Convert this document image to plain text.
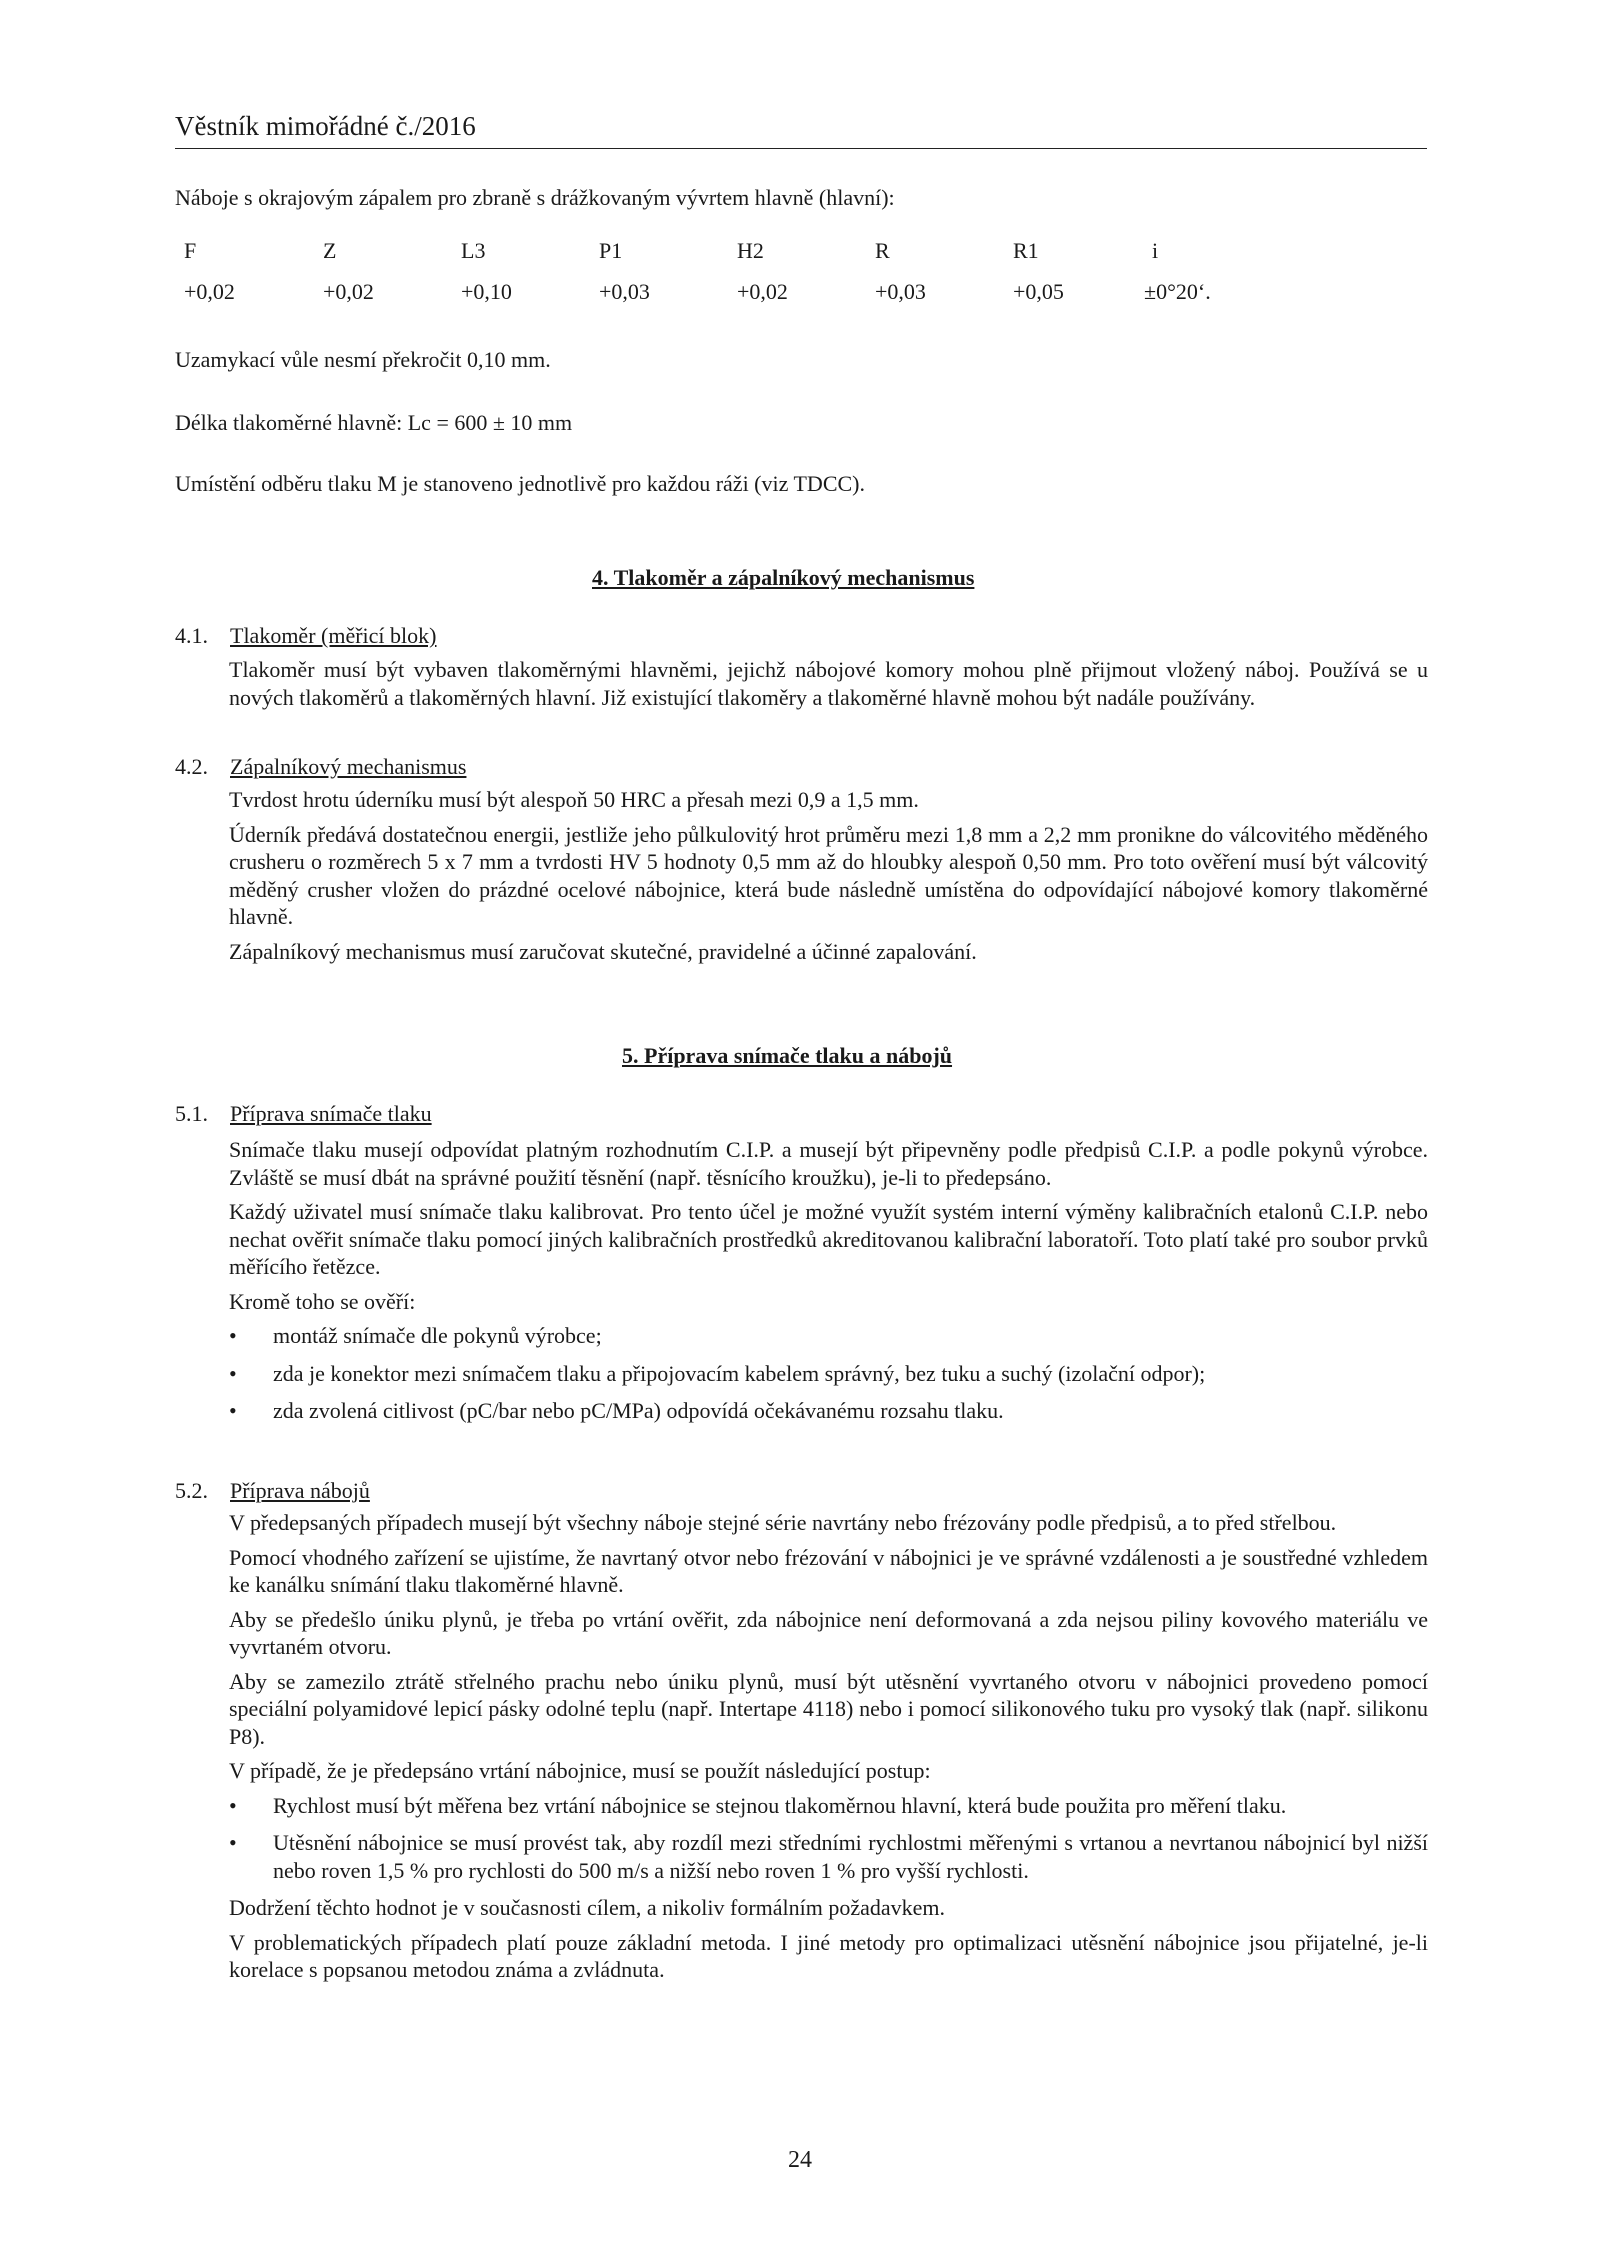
Věstník mimořádné č./2016
Náboje s okrajovým zápalem pro zbraně s drážkovaným vývrtem hlavně (hlavní):
F	Z	L3	P1	H2	R	R1	i
+0,02	+0,02	+0,10	+0,03	+0,02	+0,03	+0,05	±0°20‘.
Uzamykací vůle nesmí překročit 0,10 mm.
Délka tlakoměrné hlavně: Lc = 600 ± 10 mm
Umístění odběru tlaku M je stanoveno jednotlivě pro každou ráži (viz TDCC).
4. Tlakoměr a zápalníkový mechanismus
4.1. Tlakoměr (měřicí blok)

Tlakoměr musí být vybaven tlakoměrnými hlavněmi, jejichž nábojové komory mohou plně přijmout vložený náboj. Používá se u nových tlakoměrů a tlakoměrných hlavní. Již existující tlakoměry a tlakoměrné hlavně mohou být nadále používány.

4.2. Zápalníkový mechanismus

Tvrdost hrotu úderníku musí být alespoň 50 HRC a přesah mezi 0,9 a 1,5 mm.

Úderník předává dostatečnou energii, jestliže jeho půlkulovitý hrot průměru mezi 1,8 mm a 2,2 mm pronikne do válcovitého měděného crusheru o rozměrech 5 x 7 mm a tvrdosti HV 5 hodnoty 0,5 mm až do hloubky alespoň 0,50 mm. Pro toto ověření musí být válcovitý měděný crusher vložen do prázdné ocelové nábojnice, která bude následně umístěna do odpovídající nábojové komory tlakoměrné hlavně.

Zápalníkový mechanismus musí zaručovat skutečné, pravidelné a účinné zapalování.

5. Příprava snímače tlaku a nábojů
5.1. Příprava snímače tlaku

Snímače tlaku musejí odpovídat platným rozhodnutím C.I.P. a musejí být připevněny podle předpisů C.I.P. a podle pokynů výrobce. Zvláště se musí dbát na správné použití těsnění (např. těsnícího kroužku), je-li to předepsáno.

Každý uživatel musí snímače tlaku kalibrovat. Pro tento účel je možné využít systém interní výměny kalibračních etalonů C.I.P. nebo nechat ověřit snímače tlaku pomocí jiných kalibračních prostředků akreditovanou kalibrační laboratoří. Toto platí také pro soubor prvků měřícího řetězce.

Kromě toho se ověří:

• montáž snímače dle pokynů výrobce;
• zda je konektor mezi snímačem tlaku a připojovacím kabelem správný, bez tuku a suchý (izolační odpor);
• zda zvolená citlivost (pC/bar nebo pC/MPa) odpovídá očekávanému rozsahu tlaku.
5.2. Příprava nábojů

V předepsaných případech musejí být všechny náboje stejné série navrtány nebo frézovány podle předpisů, a to před střelbou.

Pomocí vhodného zařízení se ujistíme, že navrtaný otvor nebo frézování v nábojnici je ve správné vzdálenosti a je soustředné vzhledem ke kanálku snímání tlaku tlakoměrné hlavně.

Aby se předešlo úniku plynů, je třeba po vrtání ověřit, zda nábojnice není deformovaná a zda nejsou piliny kovového materiálu ve vyvrtaném otvoru.

Aby se zamezilo ztrátě střelného prachu nebo úniku plynů, musí být utěsnění vyvrtaného otvoru v nábojnici provedeno pomocí speciální polyamidové lepicí pásky odolné teplu (např. Intertape 4118) nebo i pomocí silikonového tuku pro vysoký tlak (např. silikonu P8).

V případě, že je předepsáno vrtání nábojnice, musí se použít následující postup:

• Rychlost musí být měřena bez vrtání nábojnice se stejnou tlakoměrnou hlavní, která bude použita pro měření tlaku.
• Utěsnění nábojnice se musí provést tak, aby rozdíl mezi středními rychlostmi měřenými s vrtanou a nevrtanou nábojnicí byl nižší nebo roven 1,5 % pro rychlosti do 500 m/s a nižší nebo roven 1 % pro vyšší rychlosti.

Dodržení těchto hodnot je v současnosti cílem, a nikoliv formálním požadavkem.

V problematických případech platí pouze základní metoda. I jiné metody pro optimalizaci utěsnění nábojnice jsou přijatelné, je-li korelace s popsanou metodou známa a zvládnuta.

24
